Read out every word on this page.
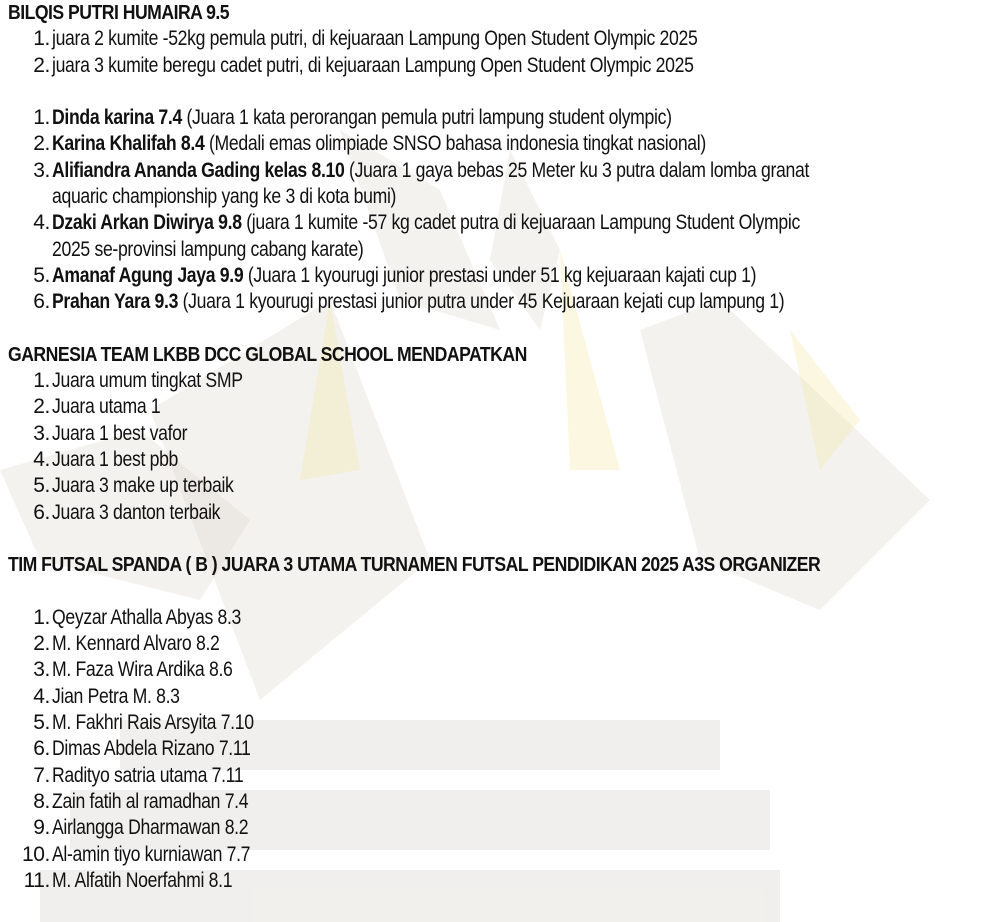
BILQIS PUTRI HUMAIRA 9.5
1. juara 2 kumite -52kg pemula putri, di kejuaraan Lampung Open Student Olympic 2025
2. juara 3 kumite beregu cadet putri, di kejuaraan Lampung Open Student Olympic 2025
1. Dinda karina 7.4 (Juara 1 kata perorangan pemula putri lampung student olympic)
2. Karina Khalifah 8.4 (Medali emas olimpiade SNSO bahasa indonesia tingkat nasional)
3. Alifiandra Ananda Gading kelas 8.10 (Juara 1 gaya bebas 25 Meter ku 3 putra dalam lomba granat
aquaric championship yang ke 3 di kota bumi)
4. Dzaki Arkan Diwirya 9.8 (juara 1 kumite -57 kg cadet putra di kejuaraan Lampung Student Olympic
2025 se-provinsi lampung cabang karate)
5. Amanaf Agung Jaya 9.9 (Juara 1 kyourugi junior prestasi under 51 kg kejuaraan kajati cup 1)
6. Prahan Yara 9.3 (Juara 1 kyourugi prestasi junior putra under 45 Kejuaraan kejati cup lampung 1)
GARNESIA TEAM LKBB DCC GLOBAL SCHOOL MENDAPATKAN
1. Juara umum tingkat SMP
2. Juara utama 1
3. Juara 1 best vafor
4. Juara 1 best pbb
5. Juara 3 make up terbaik
6. Juara 3 danton terbaik
TIM FUTSAL SPANDA ( B ) JUARA 3 UTAMA TURNAMEN FUTSAL PENDIDIKAN 2025 A3S ORGANIZER
1. Qeyzar Athalla Abyas 8.3
2. M. Kennard Alvaro 8.2
3. M. Faza Wira Ardika 8.6
4. Jian Petra M. 8.3
5. M. Fakhri Rais Arsyita 7.10
6. Dimas Abdela Rizano 7.11
7. Radityo satria utama 7.11
8. Zain fatih al ramadhan 7.4
9. Airlangga Dharmawan 8.2
10. Al-amin tiyo kurniawan 7.7
11. M. Alfatih Noerfahmi 8.1
